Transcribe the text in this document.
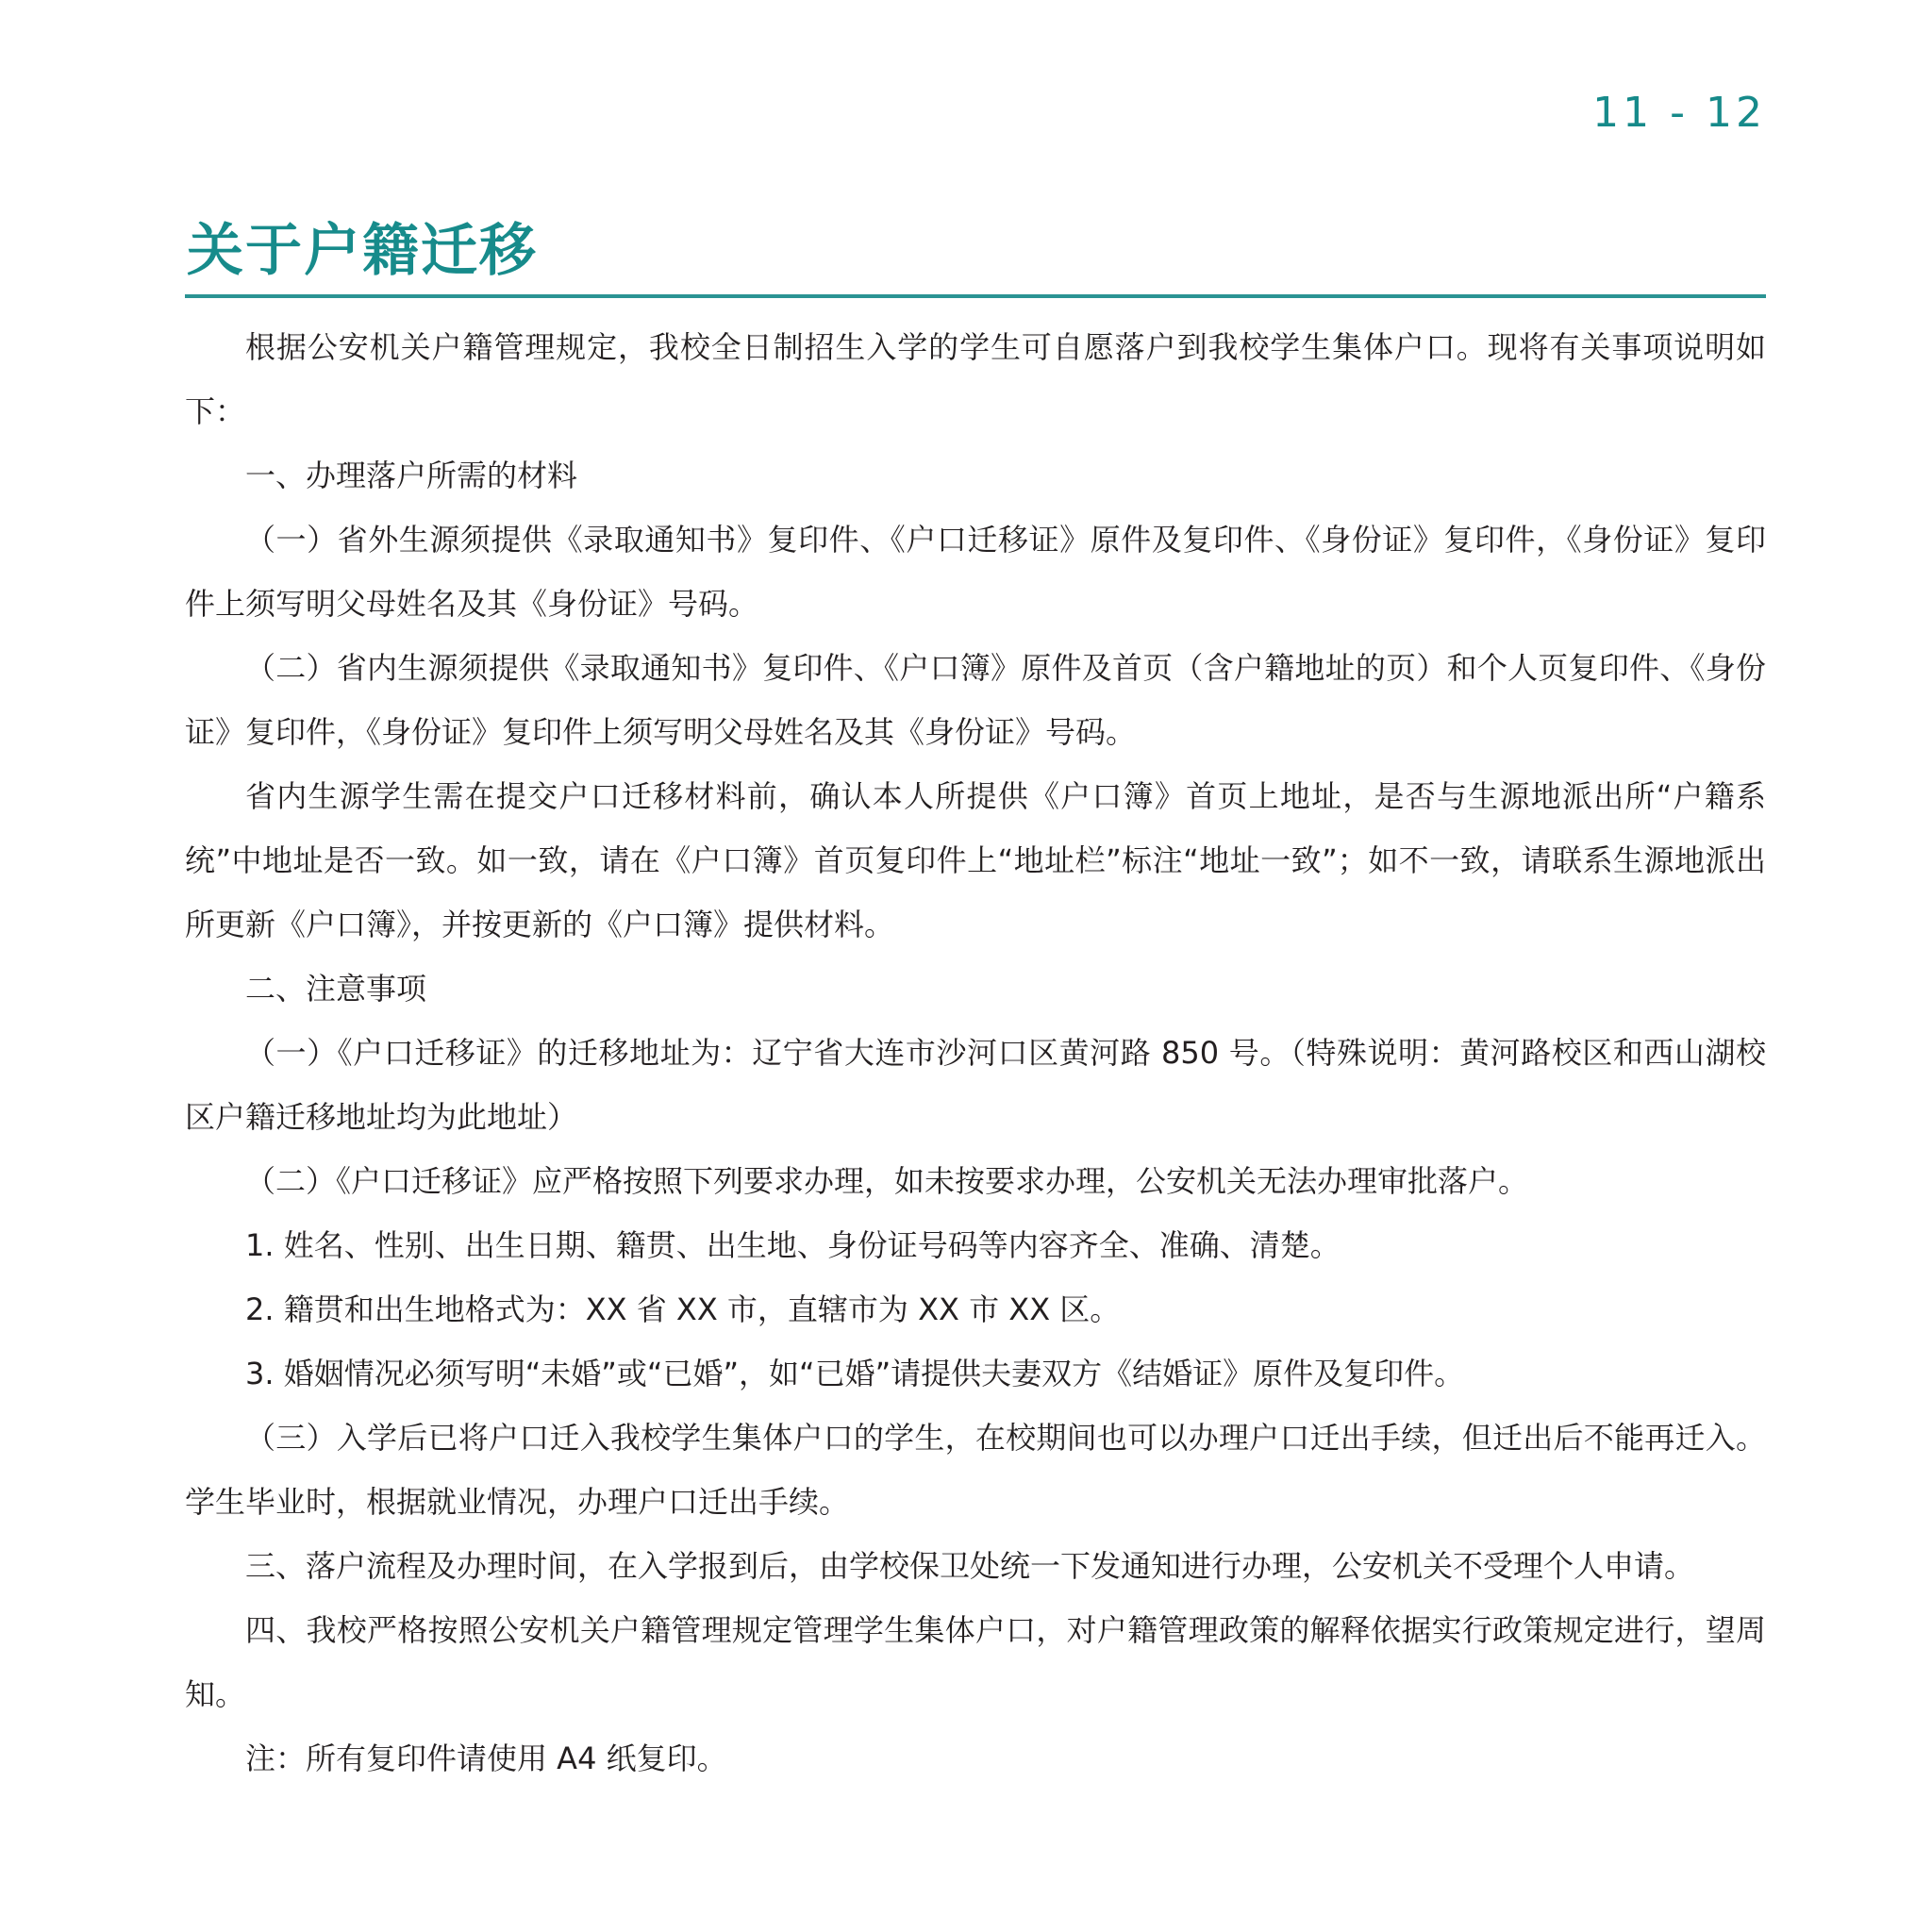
11 - 12
关于户籍迁移

根据公安机关户籍管理规定，我校全日制招生入学的学生可自愿落户到我校学生集体户口。现将有关事项说明如下：

一、办理落户所需的材料

（一）省外生源须提供《录取通知书》复印件、《户口迁移证》原件及复印件、《身份证》复印件，《身份证》复印件上须写明父母姓名及其《身份证》号码。

（二）省内生源须提供《录取通知书》复印件、《户口簿》原件及首页（含户籍地址的页）和个人页复印件、《身份证》复印件，《身份证》复印件上须写明父母姓名及其《身份证》号码。

省内生源学生需在提交户口迁移材料前，确认本人所提供《户口簿》首页上地址，是否与生源地派出所“户籍系统”中地址是否一致。如一致，请在《户口簿》首页复印件上“地址栏”标注“地址一致”；如不一致，请联系生源地派出所更新《户口簿》，并按更新的《户口簿》提供材料。

二、注意事项

（一）《户口迁移证》的迁移地址为：辽宁省大连市沙河口区黄河路 850 号。（特殊说明：黄河路校区和西山湖校区户籍迁移地址均为此地址）

（二）《户口迁移证》应严格按照下列要求办理，如未按要求办理，公安机关无法办理审批落户。

1. 姓名、性别、出生日期、籍贯、出生地、身份证号码等内容齐全、准确、清楚。

2. 籍贯和出生地格式为：XX 省 XX 市，直辖市为 XX 市 XX 区。

3. 婚姻情况必须写明“未婚”或“已婚”，如“已婚”请提供夫妻双方《结婚证》原件及复印件。

（三）入学后已将户口迁入我校学生集体户口的学生，在校期间也可以办理户口迁出手续，但迁出后不能再迁入。学生毕业时，根据就业情况，办理户口迁出手续。

三、落户流程及办理时间，在入学报到后，由学校保卫处统一下发通知进行办理，公安机关不受理个人申请。

四、我校严格按照公安机关户籍管理规定管理学生集体户口，对户籍管理政策的解释依据实行政策规定进行，望周知。

注：所有复印件请使用 A4 纸复印。
